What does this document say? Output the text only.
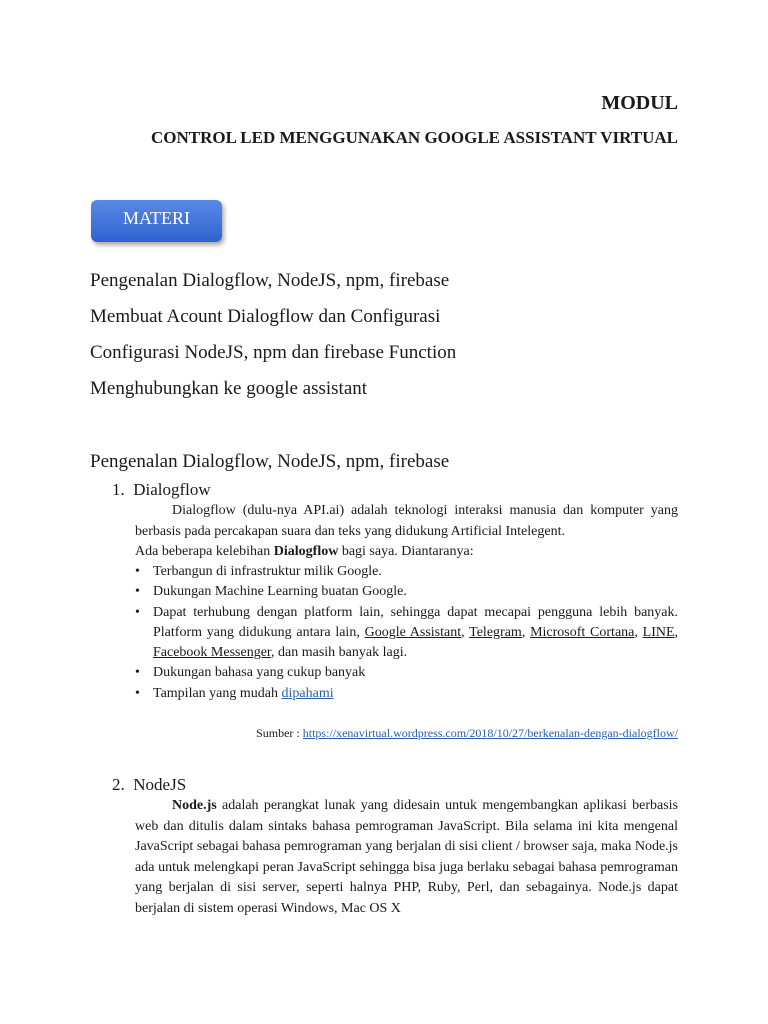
MODUL
CONTROL LED MENGGUNAKAN GOOGLE ASSISTANT VIRTUAL
MATERI
Pengenalan Dialogflow, NodeJS, npm, firebase
Membuat Acount Dialogflow dan Configurasi
Configurasi NodeJS, npm dan firebase Function
Menghubungkan ke google assistant
Pengenalan Dialogflow, NodeJS, npm, firebase
1. Dialogflow
Dialogflow (dulu-nya API.ai) adalah teknologi interaksi manusia dan komputer yang berbasis pada percakapan suara dan teks yang didukung Artificial Intelegent.
Ada beberapa kelebihan Dialogflow bagi saya. Diantaranya:
• Terbangun di infrastruktur milik Google.
• Dukungan Machine Learning buatan Google.
• Dapat terhubung dengan platform lain, sehingga dapat mecapai pengguna lebih banyak. Platform yang didukung antara lain, Google Assistant, Telegram, Microsoft Cortana, LINE, Facebook Messenger, dan masih banyak lagi.
• Dukungan bahasa yang cukup banyak
• Tampilan yang mudah dipahami
Sumber : https://xenavirtual.wordpress.com/2018/10/27/berkenalan-dengan-dialogflow/
2. NodeJS
Node.js adalah perangkat lunak yang didesain untuk mengembangkan aplikasi berbasis web dan ditulis dalam sintaks bahasa pemrograman JavaScript. Bila selama ini kita mengenal JavaScript sebagai bahasa pemrograman yang berjalan di sisi client / browser saja, maka Node.js ada untuk melengkapi peran JavaScript sehingga bisa juga berlaku sebagai bahasa pemrograman yang berjalan di sisi server, seperti halnya PHP, Ruby, Perl, dan sebagainya. Node.js dapat berjalan di sistem operasi Windows, Mac OS X
